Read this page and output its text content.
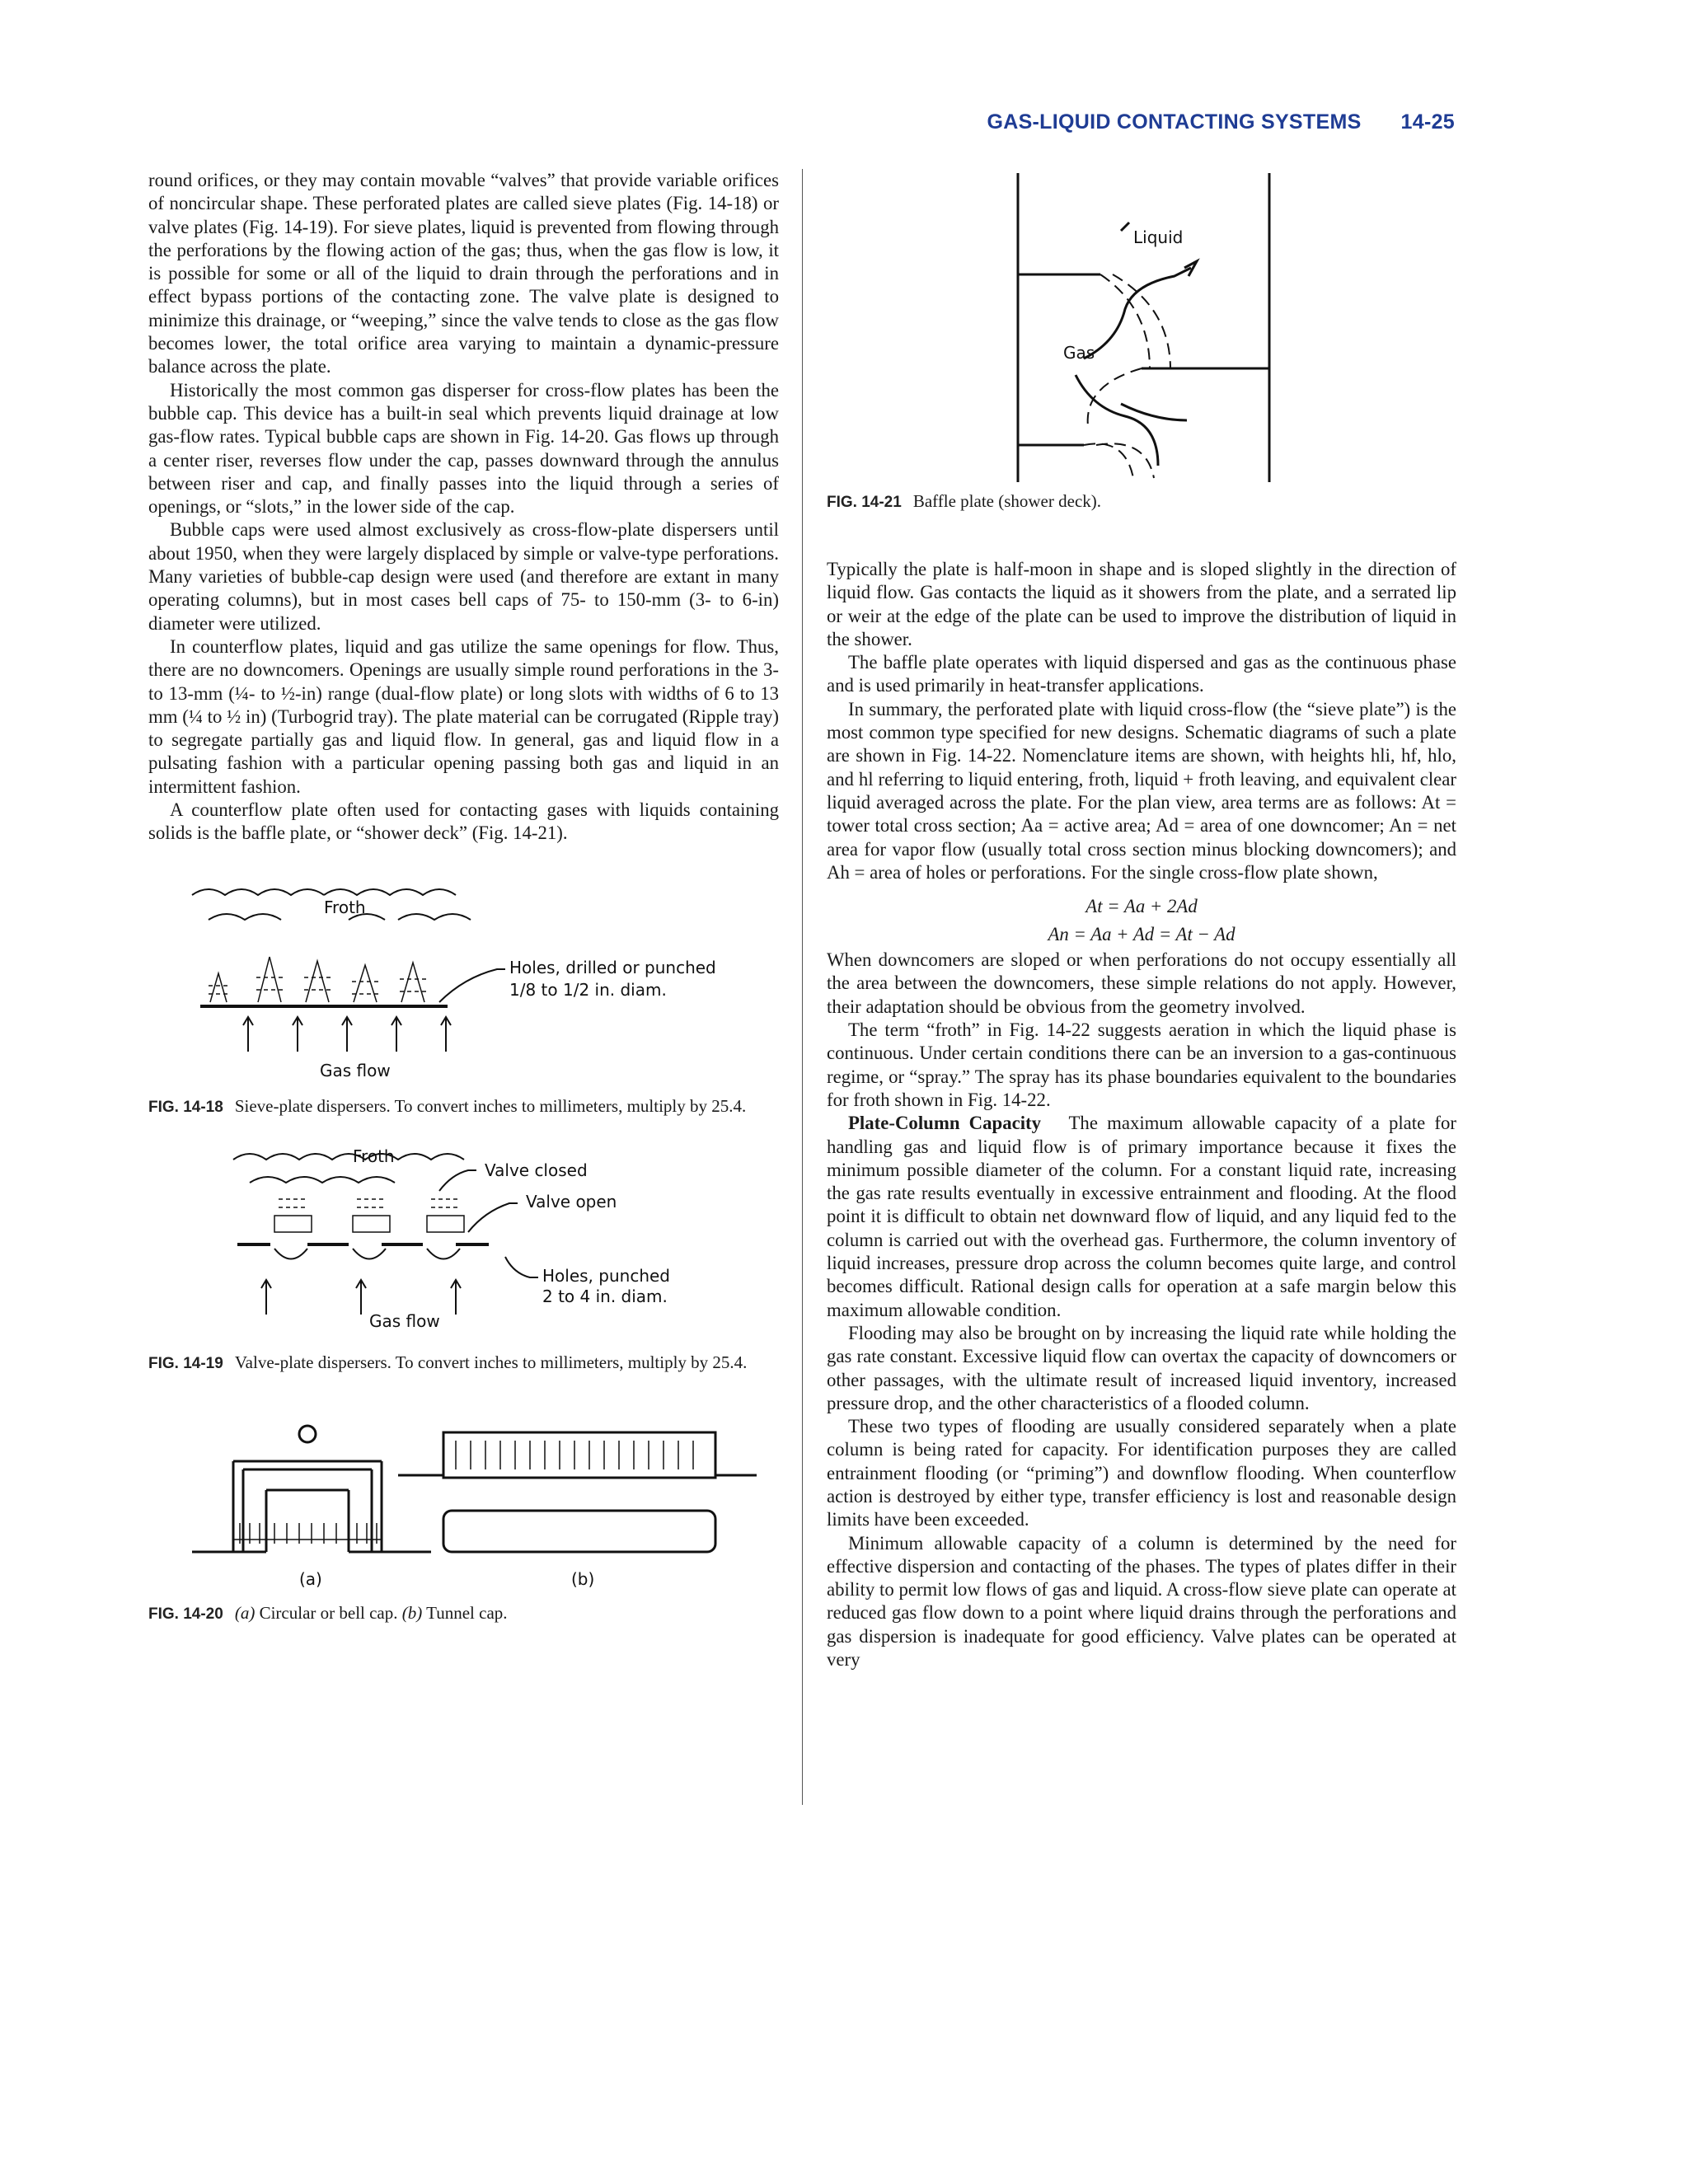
GAS-LIQUID CONTACTING SYSTEMS 14-25

round orifices, or they may contain movable “valves” that provide variable orifices of noncircular shape. These perforated plates are called sieve plates (Fig. 14-18) or valve plates (Fig. 14-19). For sieve plates, liquid is prevented from flowing through the perforations by the flowing action of the gas; thus, when the gas flow is low, it is possible for some or all of the liquid to drain through the perforations and in effect bypass portions of the contacting zone. The valve plate is designed to minimize this drainage, or “weeping,” since the valve tends to close as the gas flow becomes lower, the total orifice area varying to maintain a dynamic-pressure balance across the plate.

Historically the most common gas disperser for cross-flow plates has been the bubble cap. This device has a built-in seal which prevents liquid drainage at low gas-flow rates. Typical bubble caps are shown in Fig. 14-20. Gas flows up through a center riser, reverses flow under the cap, passes downward through the annulus between riser and cap, and finally passes into the liquid through a series of openings, or “slots,” in the lower side of the cap.

Bubble caps were used almost exclusively as cross-flow-plate dispersers until about 1950, when they were largely displaced by simple or valve-type perforations. Many varieties of bubble-cap design were used (and therefore are extant in many operating columns), but in most cases bell caps of 75- to 150-mm (3- to 6-in) diameter were utilized.

In counterflow plates, liquid and gas utilize the same openings for flow. Thus, there are no downcomers. Openings are usually simple round perforations in the 3- to 13-mm (¼- to ½-in) range (dual-flow plate) or long slots with widths of 6 to 13 mm (¼ to ½ in) (Turbogrid tray). The plate material can be corrugated (Ripple tray) to segregate partially gas and liquid flow. In general, gas and liquid flow in a pulsating fashion with a particular opening passing both gas and liquid in an intermittent fashion.

A counterflow plate often used for contacting gases with liquids containing solids is the baffle plate, or “shower deck” (Fig. 14-21).

Froth
Holes, drilled or punched
1/8 to 1/2 in. diam.
Gas flow

FIG. 14-18 Sieve-plate dispersers. To convert inches to millimeters, multiply by 25.4.

Froth
Valve closed
Valve open
Holes, punched
2 to 4 in. diam.
Gas flow

FIG. 14-19 Valve-plate dispersers. To convert inches to millimeters, multiply by 25.4.

(a)	(b)

FIG. 14-20 (a) Circular or bell cap. (b) Tunnel cap.

Liquid
Gas

FIG. 14-21 Baffle plate (shower deck).

Typically the plate is half-moon in shape and is sloped slightly in the direction of liquid flow. Gas contacts the liquid as it showers from the plate, and a serrated lip or weir at the edge of the plate can be used to improve the distribution of liquid in the shower.

The baffle plate operates with liquid dispersed and gas as the continuous phase and is used primarily in heat-transfer applications.

In summary, the perforated plate with liquid cross-flow (the “sieve plate”) is the most common type specified for new designs. Schematic diagrams of such a plate are shown in Fig. 14-22. Nomenclature items are shown, with heights hli, hf, hlo, and hl referring to liquid entering, froth, liquid + froth leaving, and equivalent clear liquid averaged across the plate. For the plan view, area terms are as follows: At = tower total cross section; Aa = active area; Ad = area of one downcomer; An = net area for vapor flow (usually total cross section minus blocking downcomers); and Ah = area of holes or perforations. For the single cross-flow plate shown,

At = Aa + 2Ad

An = Aa + Ad = At − Ad

When downcomers are sloped or when perforations do not occupy essentially all the area between the downcomers, these simple relations do not apply. However, their adaptation should be obvious from the geometry involved.

The term “froth” in Fig. 14-22 suggests aeration in which the liquid phase is continuous. Under certain conditions there can be an inversion to a gas-continuous regime, or “spray.” The spray has its phase boundaries equivalent to the boundaries for froth shown in Fig. 14-22.

Plate-Column Capacity The maximum allowable capacity of a plate for handling gas and liquid flow is of primary importance because it fixes the minimum possible diameter of the column. For a constant liquid rate, increasing the gas rate results eventually in excessive entrainment and flooding. At the flood point it is difficult to obtain net downward flow of liquid, and any liquid fed to the column is carried out with the overhead gas. Furthermore, the column inventory of liquid increases, pressure drop across the column becomes quite large, and control becomes difficult. Rational design calls for operation at a safe margin below this maximum allowable condition.

Flooding may also be brought on by increasing the liquid rate while holding the gas rate constant. Excessive liquid flow can overtax the capacity of downcomers or other passages, with the ultimate result of increased liquid inventory, increased pressure drop, and the other characteristics of a flooded column.

These two types of flooding are usually considered separately when a plate column is being rated for capacity. For identification purposes they are called entrainment flooding (or “priming”) and downflow flooding. When counterflow action is destroyed by either type, transfer efficiency is lost and reasonable design limits have been exceeded.

Minimum allowable capacity of a column is determined by the need for effective dispersion and contacting of the phases. The types of plates differ in their ability to permit low flows of gas and liquid. A cross-flow sieve plate can operate at reduced gas flow down to a point where liquid drains through the perforations and gas dispersion is inadequate for good efficiency. Valve plates can be operated at very
